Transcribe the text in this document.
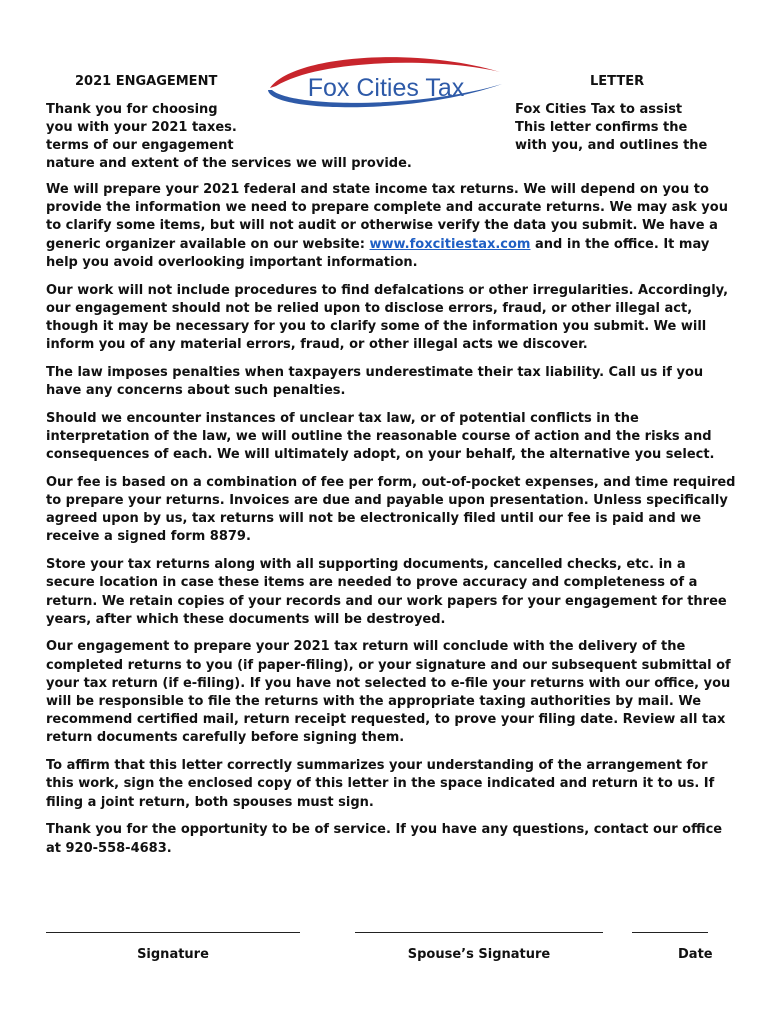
2021 ENGAGEMENT	LETTER
Fox Cities Tax
Thank you for choosing
you with your 2021 taxes.
terms of our engagement
nature and extent of the services we will provide.
Fox Cities Tax to assist
This letter confirms the
with you, and outlines the

We will prepare your 2021 federal and state income tax returns. We will depend on you to provide the information we need to prepare complete and accurate returns. We may ask you to clarify some items, but will not audit or otherwise verify the data you submit. We have a generic organizer available on our website: www.foxcitiestax.com and in the office. It may help you avoid overlooking important information.

Our work will not include procedures to find defalcations or other irregularities. Accordingly, our engagement should not be relied upon to disclose errors, fraud, or other illegal act, though it may be necessary for you to clarify some of the information you submit. We will inform you of any material errors, fraud, or other illegal acts we discover.

The law imposes penalties when taxpayers underestimate their tax liability. Call us if you have any concerns about such penalties.

Should we encounter instances of unclear tax law, or of potential conflicts in the interpretation of the law, we will outline the reasonable course of action and the risks and consequences of each. We will ultimately adopt, on your behalf, the alternative you select.

Our fee is based on a combination of fee per form, out-of-pocket expenses, and time required to prepare your returns. Invoices are due and payable upon presentation. Unless specifically agreed upon by us, tax returns will not be electronically filed until our fee is paid and we receive a signed form 8879.

Store your tax returns along with all supporting documents, cancelled checks, etc. in a secure location in case these items are needed to prove accuracy and completeness of a return. We retain copies of your records and our work papers for your engagement for three years, after which these documents will be destroyed.

Our engagement to prepare your 2021 tax return will conclude with the delivery of the completed returns to you (if paper-filing), or your signature and our subsequent submittal of your tax return (if e-filing). If you have not selected to e-file your returns with our office, you will be responsible to file the returns with the appropriate taxing authorities by mail. We recommend certified mail, return receipt requested, to prove your filing date. Review all tax return documents carefully before signing them.

To affirm that this letter correctly summarizes your understanding of the arrangement for this work, sign the enclosed copy of this letter in the space indicated and return it to us. If filing a joint return, both spouses must sign.

Thank you for the opportunity to be of service. If you have any questions, contact our office at 920-558-4683.

Signature	Spouse’s Signature	Date
